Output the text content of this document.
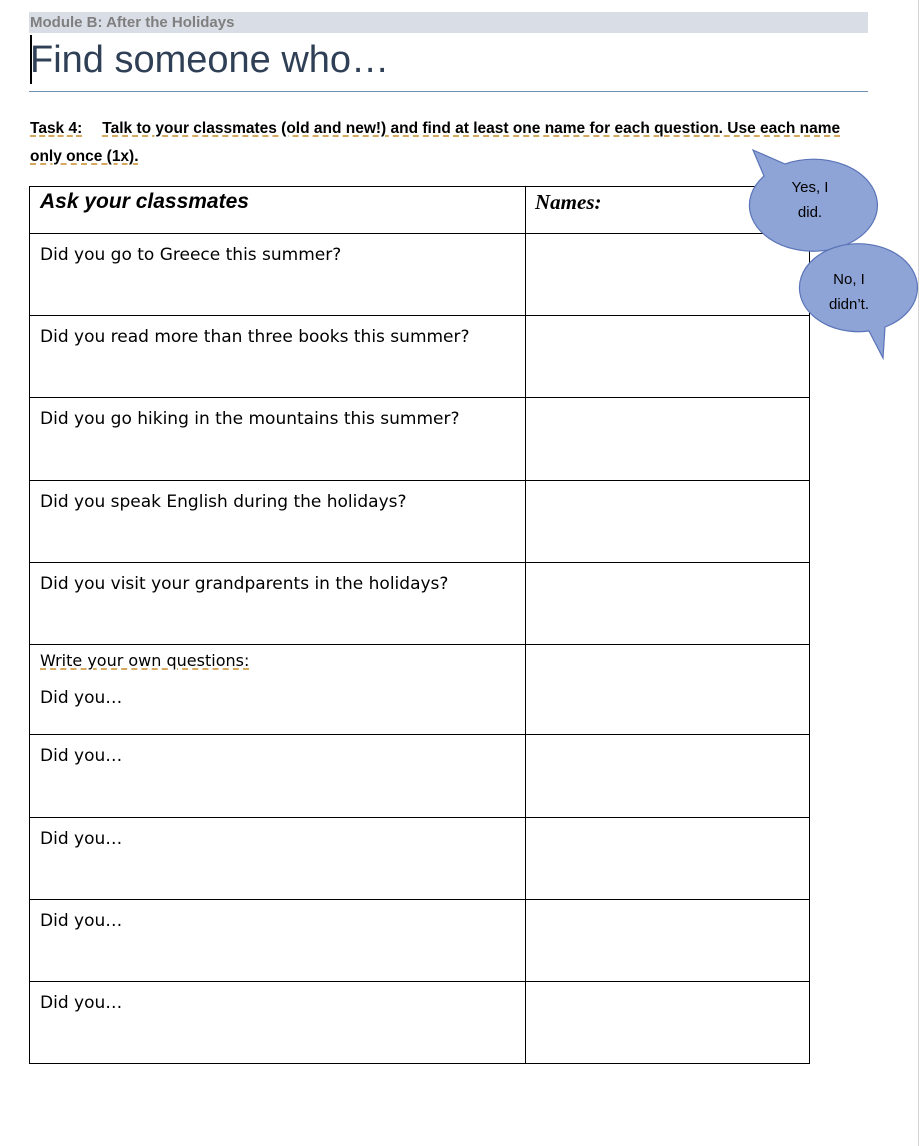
Module B: After the Holidays
Find someone who…
Task 4: Talk to your classmates (old and new!) and find at least one name for each question. Use each name only once (1x).
Ask your classmates	Names:
Did you go to Greece this summer?	
Did you read more than three books this summer?	
Did you go hiking in the mountains this summer?	
Did you speak English during the holidays?	
Did you visit your grandparents in the holidays?	
Write your own questions:
Did you…	
Did you…	
Did you…	
Did you…	
Did you…	
Yes, I did.
No, I didn’t.
